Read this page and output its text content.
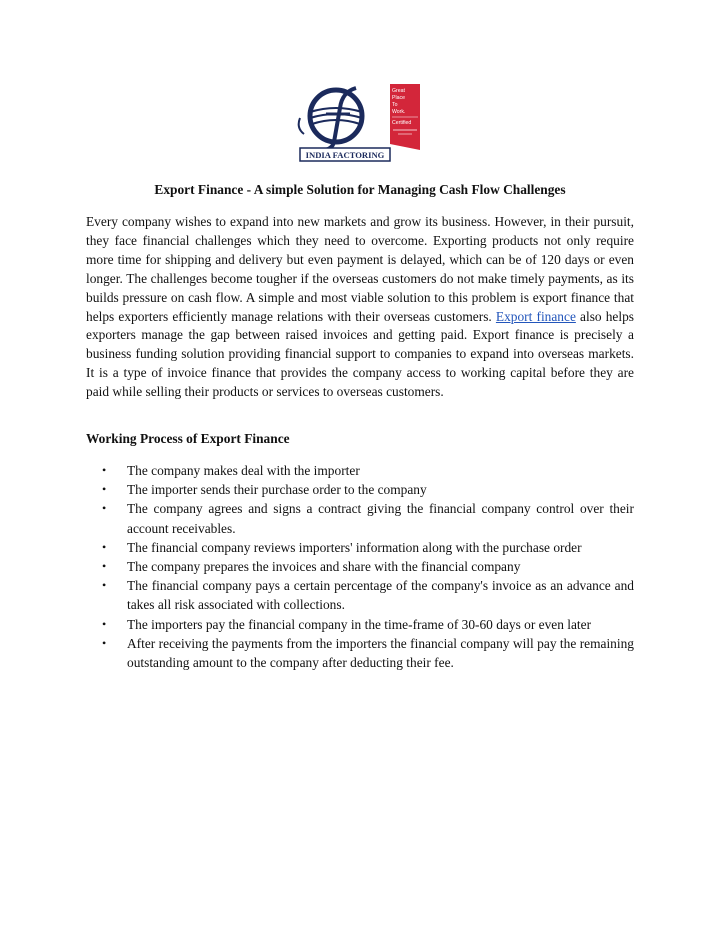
INDIA FACTORING
Great
Place
To
Work.
Certified
Export Finance - A simple Solution for Managing Cash Flow Challenges

Every company wishes to expand into new markets and grow its business. However, in their pursuit, they face financial challenges which they need to overcome. Exporting products not only require more time for shipping and delivery but even payment is delayed, which can be of 120 days or even longer. The challenges become tougher if the overseas customers do not make timely payments, as its builds pressure on cash flow. A simple and most viable solution to this problem is export finance that helps exporters efficiently manage relations with their overseas customers. Export finance also helps exporters manage the gap between raised invoices and getting paid. Export finance is precisely a business funding solution providing financial support to companies to expand into overseas markets. It is a type of invoice finance that provides the company access to working capital before they are paid while selling their products or services to overseas customers.

Working Process of Export Finance
• The company makes deal with the importer
• The importer sends their purchase order to the company
• The company agrees and signs a contract giving the financial company control over their account receivables.
• The financial company reviews importers' information along with the purchase order
• The company prepares the invoices and share with the financial company
• The financial company pays a certain percentage of the company's invoice as an advance and takes all risk associated with collections.
• The importers pay the financial company in the time-frame of 30-60 days or even later
• After receiving the payments from the importers the financial company will pay the remaining outstanding amount to the company after deducting their fee.
